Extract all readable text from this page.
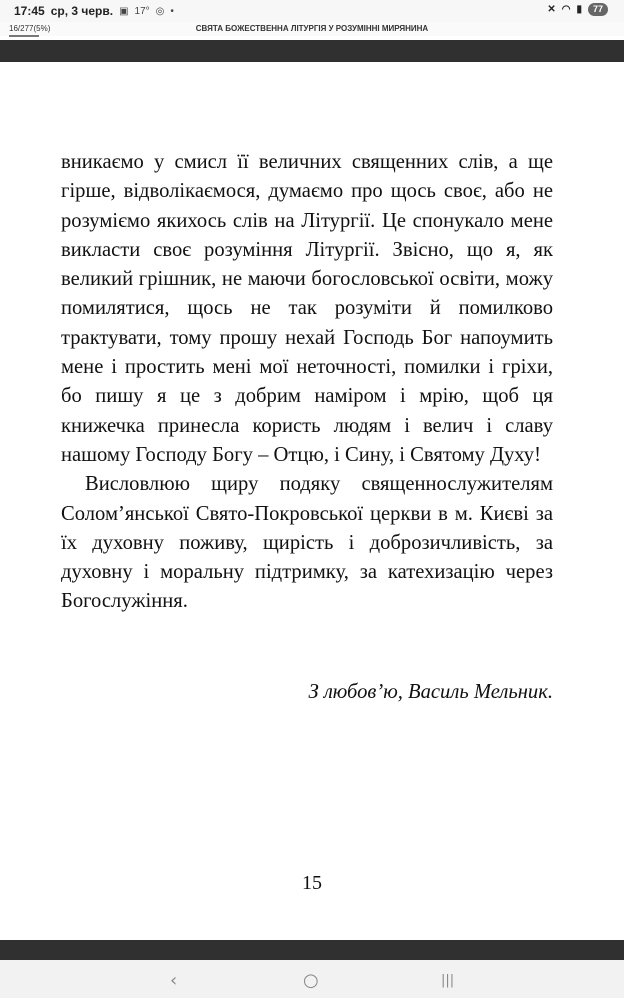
17:45 ср, 3 черв. ▣ 17° ◎ •	✕ ◠ ▮	77
16/277(5%)	СВЯТА БОЖЕСТВЕННА ЛІТУРГІЯ У РОЗУМІННІ МИРЯНИНА

вникаємо у смисл її величних священних слів, а ще гірше, відволікаємося, думаємо про щось своє, або не розуміємо якихось слів на Літургії. Це спонукало мене викласти своє розуміння Літургії. Звісно, що я, як великий грішник, не маючи богословської освіти, можу помилятися, щось не так розуміти й помилково трактувати, тому прошу нехай Господь Бог напоумить мене і простить мені мої неточності, помилки і гріхи, бо пишу я це з добрим наміром і мрію, щоб ця книжечка принесла користь людям і велич і славу нашому Господу Богу – Отцю, і Сину, і Святому Духу!

Висловлюю щиру подяку священнослужителям Солом’янської Свято-Покровської церкви в м. Києві за їх духовну поживу, щирість і доброзичливість, за духовну і моральну підтримку, за катехизацію через Богослужіння.

З любов’ю, Василь Мельник.
15
‹	○	|||
